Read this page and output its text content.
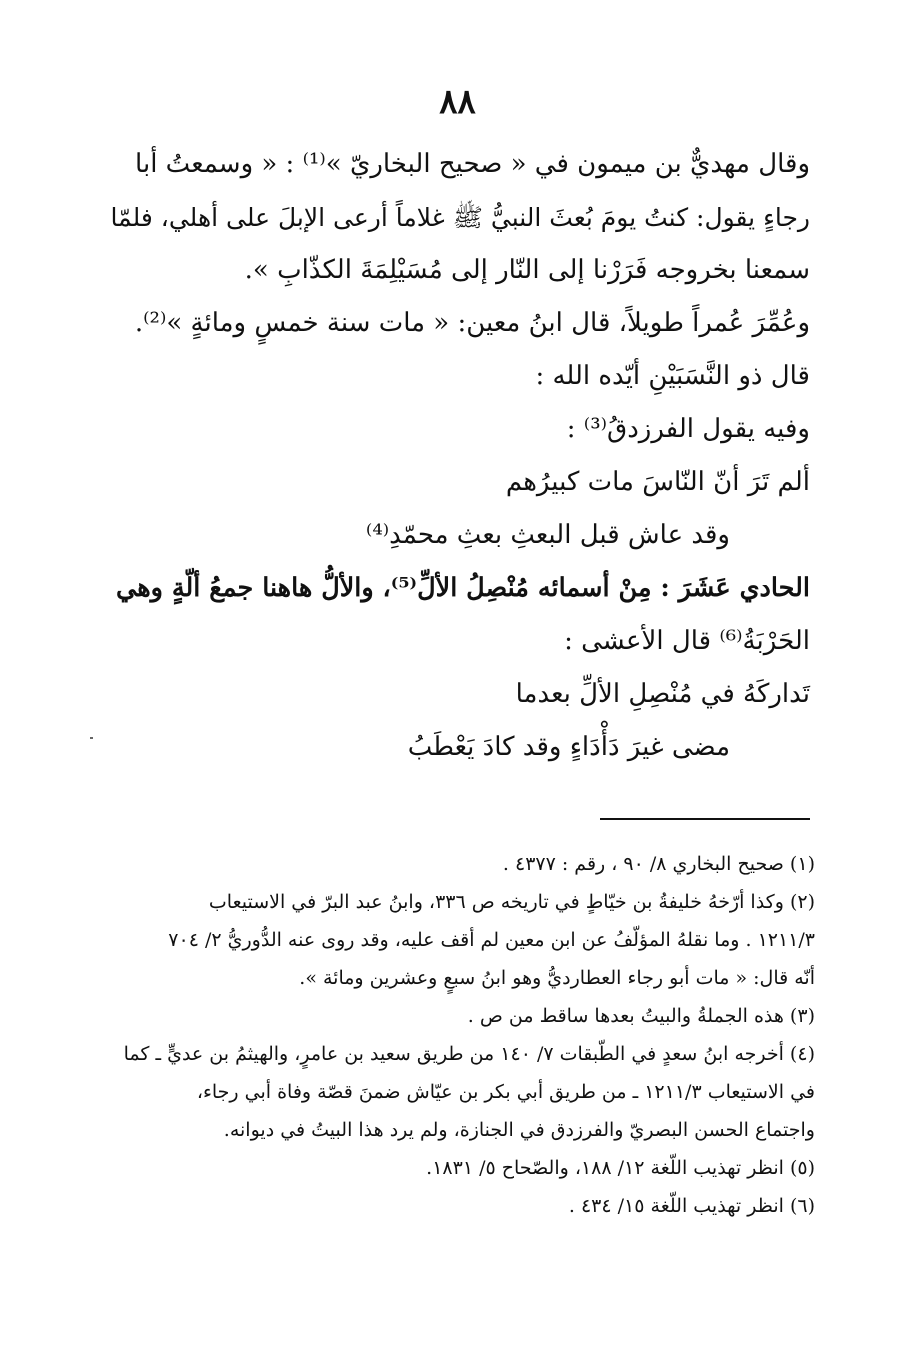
٨٨
وقال مهديٌّ بن ميمون في « صحيح البخاريّ »⁽¹⁾ : « وسمعتُ أبا
رجاءٍ يقول: كنتُ يومَ بُعثَ النبيُّ ﷺ غلاماً أرعى الإبلَ على أهلي، فلمّا
سمعنا بخروجه فَرَرْنا إلى النّار إلى مُسَيْلِمَةَ الكذّابِ ».
وعُمِّرَ عُمراً طويلاً، قال ابنُ معين: « مات سنة خمسٍ ومائةٍ »⁽²⁾.
قال ذو النَّسَبَيْنِ أيّده الله :
وفيه يقول الفرزدقُ⁽³⁾ :
ألم تَرَ أنّ النّاسَ مات كبيرُهم
وقد عاش قبل البعثِ بعثِ محمّدِ⁽⁴⁾
الحادي عَشَرَ : مِنْ أسمائه مُنْصِلُ الألِّ⁽⁵⁾، والألُّ هاهنا جمعُ ألّةٍ وهي
الحَرْبَةُ⁽⁶⁾ قال الأعشى :
تَداركَهُ في مُنْصِلِ الألِّ بعدما
مضى غيرَ دَأْدَاءٍ وقد كادَ يَعْطَبُ
(١) صحيح البخاري ٨/ ٩٠ ، رقم : ٤٣٧٧ .
(٢) وكذا أرّخهُ خليفةُ بن خيّاطٍ في تاريخه ص ٣٣٦، وابنُ عبد البرّ في الاستيعاب
١٢١١/٣ . وما نقلهُ المؤلّفُ عن ابن معين لم أقف عليه، وقد روى عنه الدُّوريُّ ٢/ ٧٠٤
أنّه قال: « مات أبو رجاء العطارديُّ وهو ابنُ سبعٍ وعشرين ومائة ».
(٣) هذه الجملةُ والبيتُ بعدها ساقط من ص .
(٤) أخرجه ابنُ سعدٍ في الطّبقات ٧/ ١٤٠ من طريق سعيد بن عامرٍ، والهيثمُ بن عديٍّ ـ كما
في الاستيعاب ١٢١١/٣ ـ من طريق أبي بكر بن عيّاش ضمنَ قصّة وفاة أبي رجاء،
واجتماع الحسن البصريّ والفرزدق في الجنازة، ولم يرد هذا البيتُ في ديوانه.
(٥) انظر تهذيب اللّغة ١٢/ ١٨٨، والصّحاح ٥/ ١٨٣١.
(٦) انظر تهذيب اللّغة ١٥/ ٤٣٤ .
